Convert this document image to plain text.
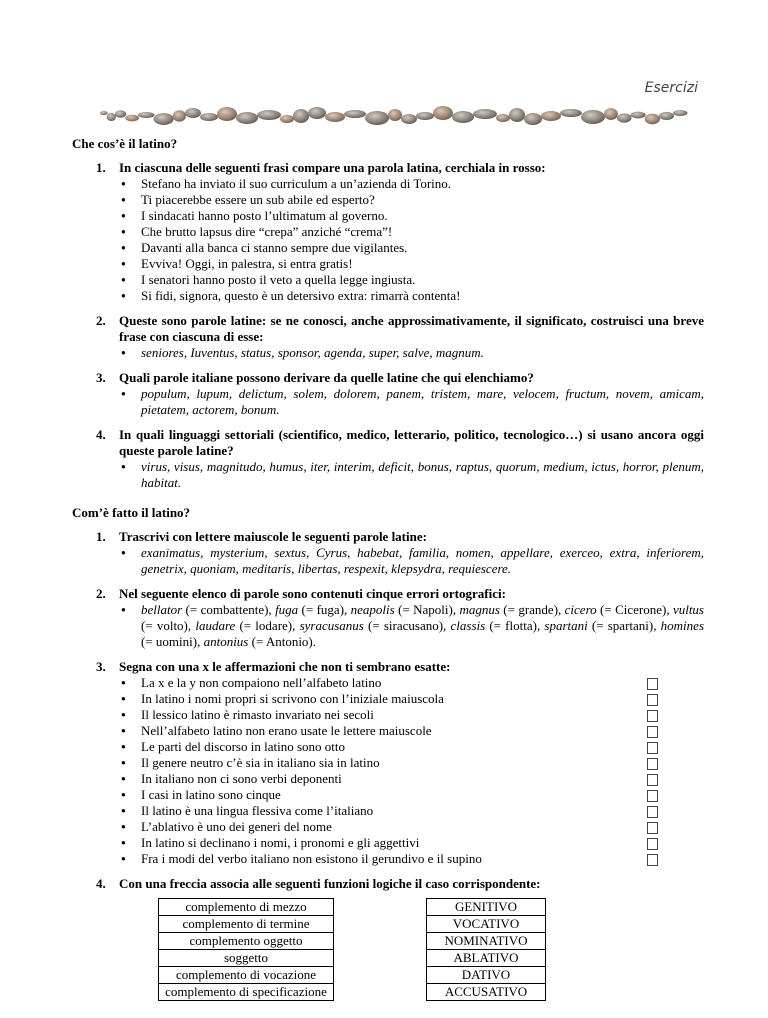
Esercizi
Che cos’è il latino?
1. In ciascuna delle seguenti frasi compare una parola latina, cerchiala in rosso:
● Stefano ha inviato il suo curriculum a un’azienda di Torino.
● Ti piacerebbe essere un sub abile ed esperto?
● I sindacati hanno posto l’ultimatum al governo.
● Che brutto lapsus dire “crepa” anziché “crema”!
● Davanti alla banca ci stanno sempre due vigilantes.
● Evviva! Oggi, in palestra, si entra gratis!
● I senatori hanno posto il veto a quella legge ingiusta.
● Si fidi, signora, questo è un detersivo extra: rimarrà contenta!
2. Queste sono parole latine: se ne conosci, anche approssimativamente, il significato, costruisci una breve frase con ciascuna di esse:
● seniores, Iuventus, status, sponsor, agenda, super, salve, magnum.
3. Quali parole italiane possono derivare da quelle latine che qui elenchiamo?
● populum, lupum, delictum, solem, dolorem, panem, tristem, mare, velocem, fructum, novem, amicam, pietatem, actorem, bonum.
4. In quali linguaggi settoriali (scientifico, medico, letterario, politico, tecnologico…) si usano ancora oggi queste parole latine?
● virus, visus, magnitudo, humus, iter, interim, deficit, bonus, raptus, quorum, medium, ictus, horror, plenum, habitat.
Com’è fatto il latino?
1. Trascrivi con lettere maiuscole le seguenti parole latine:
● exanimatus, mysterium, sextus, Cyrus, habebat, familia, nomen, appellare, exerceo, extra, inferiorem, genetrix, quoniam, meditaris, libertas, respexit, klepsydra, requiescere.
2. Nel seguente elenco di parole sono contenuti cinque errori ortografici:
● bellator (= combattente), fuga (= fuga), neapolis (= Napoli), magnus (= grande), cicero (= Cicerone), vultus (= volto), laudare (= lodare), syracusanus (= siracusano), classis (= flotta), spartani (= spartani), homines (= uomini), antonius (= Antonio).
3. Segna con una x le affermazioni che non ti sembrano esatte:
● La x e la y non compaiono nell’alfabeto latino
● In latino i nomi propri si scrivono con l’iniziale maiuscola
● Il lessico latino è rimasto invariato nei secoli
● Nell’alfabeto latino non erano usate le lettere maiuscole
● Le parti del discorso in latino sono otto
● Il genere neutro c’è sia in italiano sia in latino
● In italiano non ci sono verbi deponenti
● I casi in latino sono cinque
● Il latino è una lingua flessiva come l’italiano
● L’ablativo è uno dei generi del nome
● In latino si declinano i nomi, i pronomi e gli aggettivi
● Fra i modi del verbo italiano non esistono il gerundivo e il supino
4. Con una freccia associa alle seguenti funzioni logiche il caso corrispondente:
complemento di mezzo
complemento di termine
complemento oggetto
soggetto
complemento di vocazione
complemento di specificazione
GENITIVO
VOCATIVO
NOMINATIVO
ABLATIVO
DATIVO
ACCUSATIVO
